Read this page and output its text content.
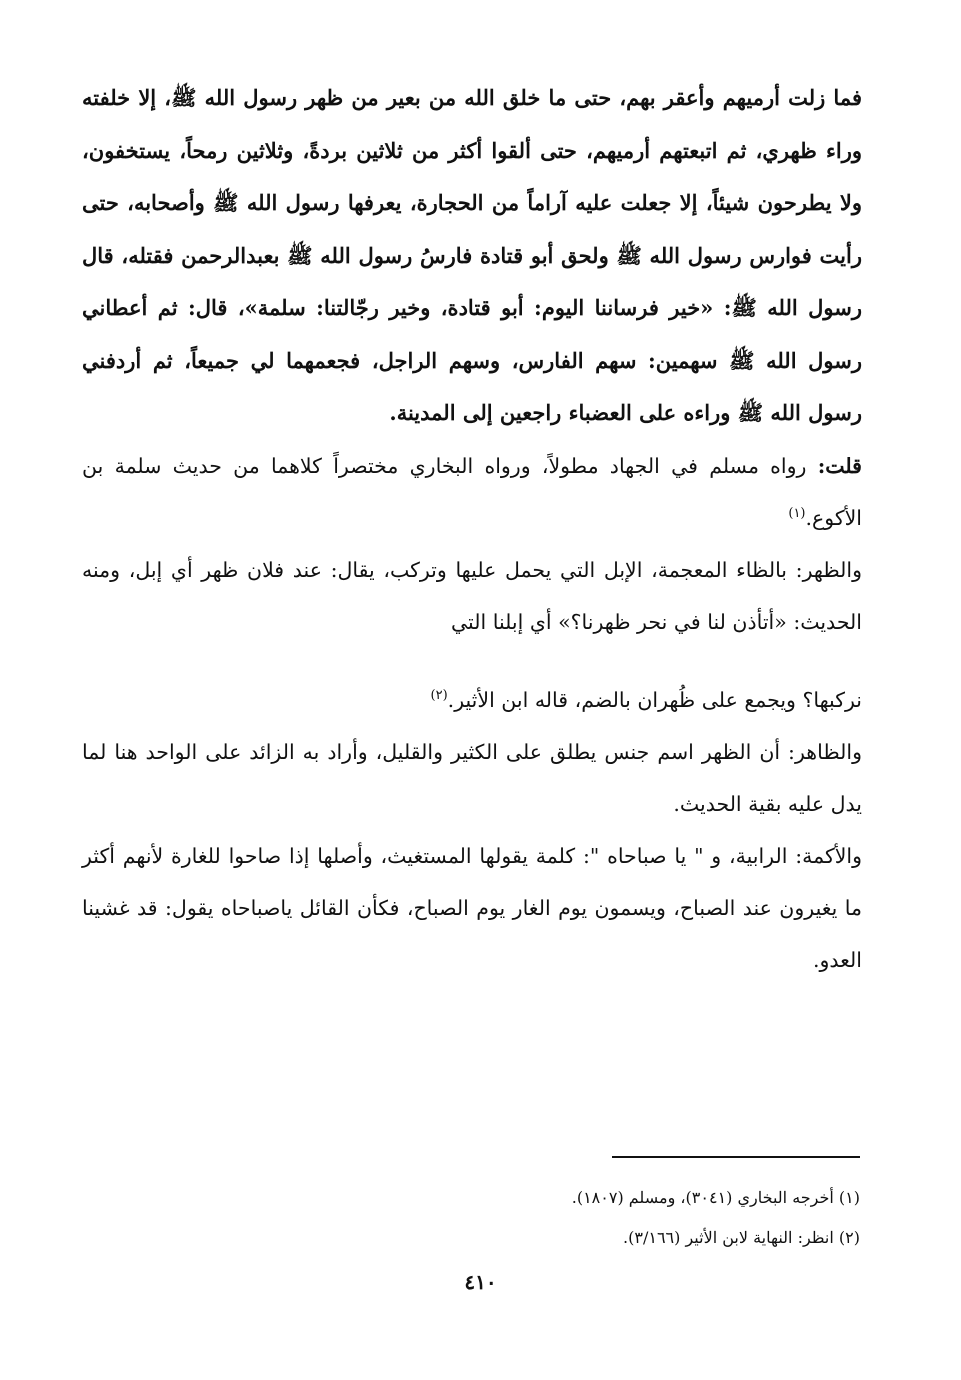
فما زلت أرميهم وأعقر بهم، حتى ما خلق الله من بعير من ظهر رسول الله ﷺ، إلا خلفته وراء ظهري، ثم اتبعتهم أرميهم، حتى ألقوا أكثر من ثلاثين بردةً، وثلاثين رمحاً، يستخفون، ولا يطرحون شيئاً، إلا جعلت عليه آراماً من الحجارة، يعرفها رسول الله ﷺ وأصحابه، حتى رأيت فوارس رسول الله ﷺ ولحق أبو قتادة فارسُ رسول الله ﷺ بعبدالرحمن فقتله، قال رسول الله ﷺ: «خير فرساننا اليوم: أبو قتادة، وخير رجّالتنا: سلمة»، قال: ثم أعطاني رسول الله ﷺ سهمين: سهم الفارس، وسهم الراجل، فجعمهما لي جميعاً، ثم أردفني رسول الله ﷺ وراءه على العضباء راجعين إلى المدينة.

قلت: رواه مسلم في الجهاد مطولاً، ورواه البخاري مختصراً كلاهما من حديث سلمة بن الأكوع.$^{(١)}$

والظهر: بالظاء المعجمة، الإبل التي يحمل عليها وتركب، يقال: عند فلان ظهر أي إبل، ومنه الحديث: «أتأذن لنا في نحر ظهرنا؟» أي إبلنا التي

نركبها؟ ويجمع على ظُهران بالضم، قاله ابن الأثير.$^{(٢)}$

والظاهر: أن الظهر اسم جنس يطلق على الكثير والقليل، وأراد به الزائد على الواحد هنا لما يدل عليه بقية الحديث.

والأكمة: الرابية، و " يا صباحاه ": كلمة يقولها المستغيث، وأصلها إذا صاحوا للغارة لأنهم أكثر ما يغيرون عند الصباح، ويسمون يوم الغار يوم الصباح، فكأن القائل ياصباحاه يقول: قد غشينا العدو.

(١) أخرجه البخاري (٣٠٤١)، ومسلم (١٨٠٧).

(٢) انظر: النهاية لابن الأثير (٣/١٦٦).

٤١٠
